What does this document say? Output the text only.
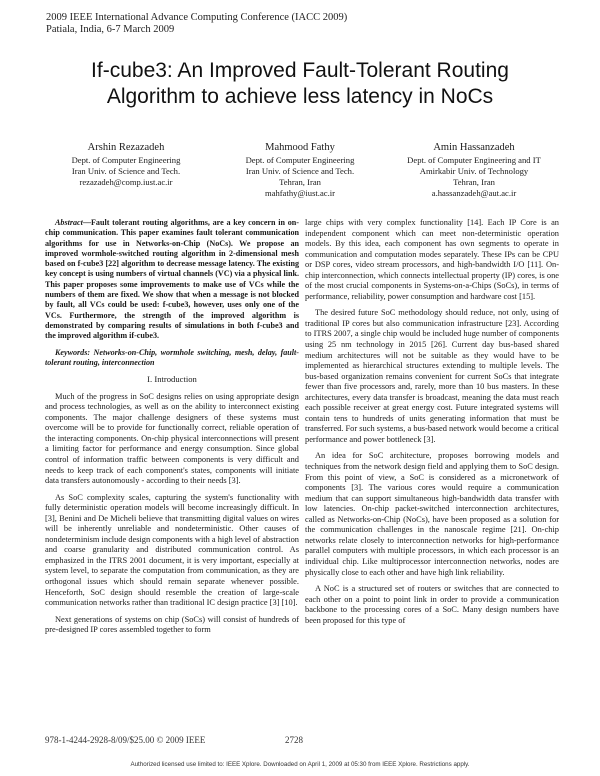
2009 IEEE International Advance Computing Conference (IACC 2009)
Patiala, India, 6-7 March 2009
If-cube3: An Improved Fault-Tolerant Routing
Algorithm to achieve less latency in NoCs
Arshin Rezazadeh
Dept. of Computer Engineering
Iran Univ. of Science and Tech.
rezazadeh@comp.iust.ac.ir
Mahmood Fathy
Dept. of Computer Engineering
Iran Univ. of Science and Tech.
Tehran, Iran
mahfathy@iust.ac.ir
Amin Hassanzadeh
Dept. of Computer Engineering and IT
Amirkabir Univ. of Technology
Tehran, Iran
a.hassanzadeh@aut.ac.ir

Abstract—Fault tolerant routing algorithms, are a key concern in on-chip communication. This paper examines fault tolerant communication algorithms for use in Networks-on-Chip (NoCs). We propose an improved wormhole-switched routing algorithm in 2-dimensional mesh based on f-cube3 [22] algorithm to decrease message latency. The existing key concept is using numbers of virtual channels (VC) via a physical link. This paper proposes some improvements to make use of VCs while the numbers of them are fixed. We show that when a message is not blocked by fault, all VCs could be used: f-cube3, however, uses only one of the VCs. Furthermore, the strength of the improved algorithm is demonstrated by comparing results of simulations in both f-cube3 and the improved algorithm if-cube3.

Keywords: Networks-on-Chip, wormhole switching, mesh, delay, fault-tolerant routing, interconnection

I. Introduction

Much of the progress in SoC designs relies on using appropriate design and process technologies, as well as on the ability to interconnect existing components. The major challenge designers of these systems must overcome will be to provide for functionally correct, reliable operation of the interacting components. On-chip physical interconnections will present a limiting factor for performance and energy consumption. Since global control of information traffic between components is very difficult and needs to keep track of each component's states, components will initiate data transfers autonomously - according to their needs [3].

As SoC complexity scales, capturing the system's functionality with fully deterministic operation models will become increasingly difficult. In [3], Benini and De Micheli believe that transmitting digital values on wires will be inherently unreliable and nondeterministic. Other causes of nondeterminism include design components with a high level of abstraction and coarse granularity and distributed communication control. As emphasized in the ITRS 2001 document, it is very important, especially at system level, to separate the computation from communication, as they are orthogonal issues which should remain separate whenever possible. Henceforth, SoC design should resemble the creation of large-scale communication networks rather than traditional IC design practice [3] [10].

Next generations of systems on chip (SoCs) will consist of hundreds of pre-designed IP cores assembled together to form

large chips with very complex functionality [14]. Each IP Core is an independent component which can meet non-deterministic operation models. By this idea, each component has own segments to operate in communication and computation modes separately. These IPs can be CPU or DSP cores, video stream processors, and high-bandwidth I/O [11]. On-chip interconnection, which connects intellectual property (IP) cores, is one of the most crucial components in Systems-on-a-Chips (SoCs), in terms of performance, reliability, power consumption and hardware cost [15].

The desired future SoC methodology should reduce, not only, using of traditional IP cores but also communication infrastructure [23]. According to ITRS 2007, a single chip would be included huge number of components using 25 nm technology in 2015 [26]. Current day bus-based shared medium architectures will not be suitable as they would have to be implemented as hierarchical structures extending to multiple levels. The bus-based organization remains convenient for current SoCs that integrate fewer than five processors and, rarely, more than 10 bus masters. In these architectures, every data transfer is broadcast, meaning the data must reach each possible receiver at great energy cost. Future integrated systems will contain tens to hundreds of units generating information that must be transferred. For such systems, a bus-based network would become a critical performance and power bottleneck [3].

An idea for SoC architecture, proposes borrowing models and techniques from the network design field and applying them to SoC design. From this point of view, a SoC is considered as a micronetwork of components [3]. The various cores would require a communication medium that can support simultaneous high-bandwidth data transfer with low latencies. On-chip packet-switched interconnection architectures, called as Networks-on-Chip (NoCs), have been proposed as a solution for the communication challenges in the nanoscale regime [21]. On-chip networks relate closely to interconnection networks for high-performance parallel computers with multiple processors, in which each processor is an individual chip. Like multiprocessor interconnection networks, nodes are physically close to each other and have high link reliability.

A NoC is a structured set of routers or switches that are connected to each other on a point to point link in order to provide a communication backbone to the processing cores of a SoC. Many design numbers have been proposed for this type of

978-1-4244-2928-8/09/$25.00 © 2009 IEEE	2728
Authorized licensed use limited to: IEEE Xplore. Downloaded on April 1, 2009 at 05:30 from IEEE Xplore. Restrictions apply.
